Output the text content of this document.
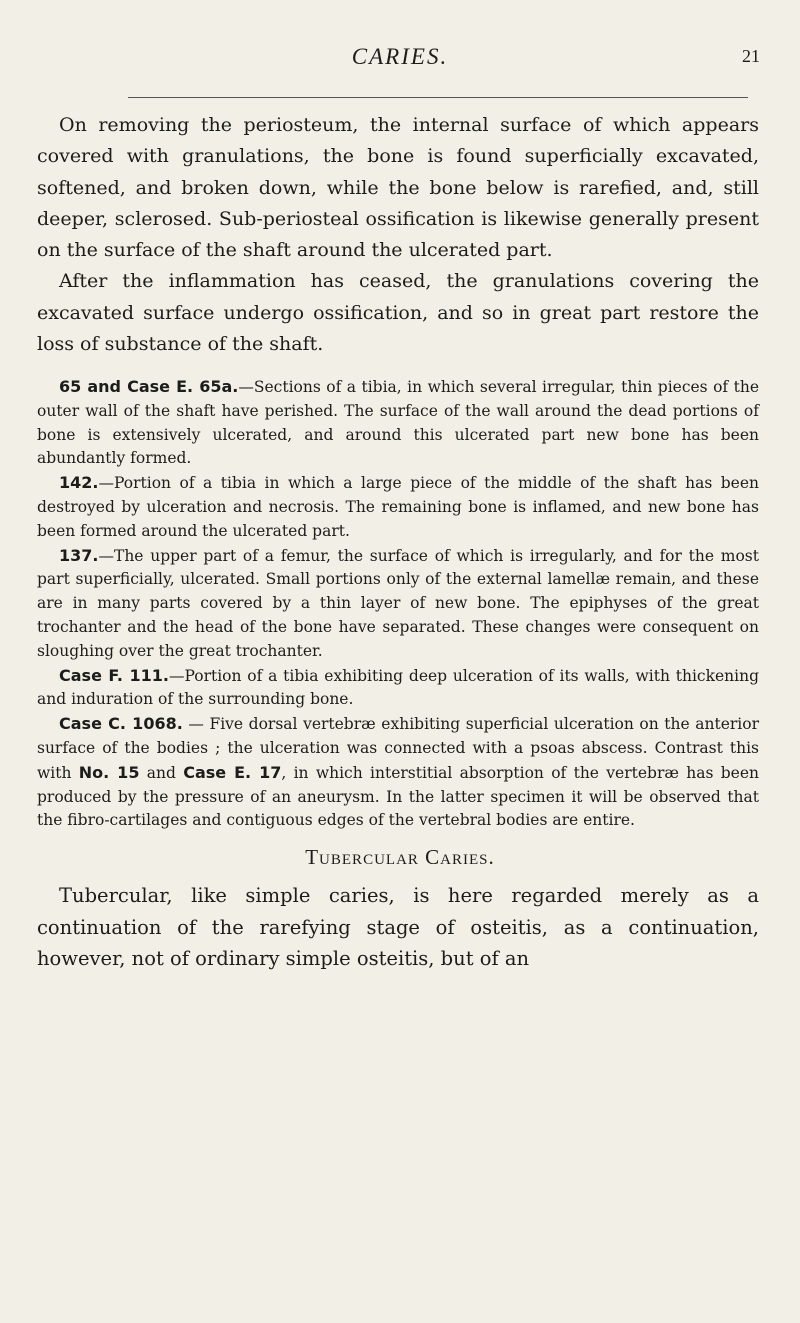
CARIES.	21

On removing the periosteum, the internal surface of which appears covered with granulations, the bone is found superficially excavated, softened, and broken down, while the bone below is rarefied, and, still deeper, sclerosed. Sub-periosteal ossification is likewise generally present on the surface of the shaft around the ulcerated part.

After the inflammation has ceased, the granulations covering the excavated surface undergo ossification, and so in great part restore the loss of substance of the shaft.

65 and Case E. 65a.—Sections of a tibia, in which several irregular, thin pieces of the outer wall of the shaft have perished. The surface of the wall around the dead portions of bone is extensively ulcerated, and around this ulcerated part new bone has been abundantly formed.

142.—Portion of a tibia in which a large piece of the middle of the shaft has been destroyed by ulceration and necrosis. The remaining bone is inflamed, and new bone has been formed around the ulcerated part.

137.—The upper part of a femur, the surface of which is irregularly, and for the most part superficially, ulcerated. Small portions only of the external lamellæ remain, and these are in many parts covered by a thin layer of new bone. The epiphyses of the great trochanter and the head of the bone have separated. These changes were consequent on sloughing over the great trochanter.

Case F. 111.—Portion of a tibia exhibiting deep ulceration of its walls, with thickening and induration of the surrounding bone.

Case C. 1068. — Five dorsal vertebræ exhibiting superficial ulceration on the anterior surface of the bodies ; the ulceration was connected with a psoas abscess. Contrast this with No. 15 and Case E. 17, in which interstitial absorption of the vertebræ has been produced by the pressure of an aneurysm. In the latter specimen it will be observed that the fibro-cartilages and contiguous edges of the vertebral bodies are entire.

Tubercular Caries.

Tubercular, like simple caries, is here regarded merely as a continuation of the rarefying stage of osteitis, as a continuation, however, not of ordinary simple osteitis, but of an
